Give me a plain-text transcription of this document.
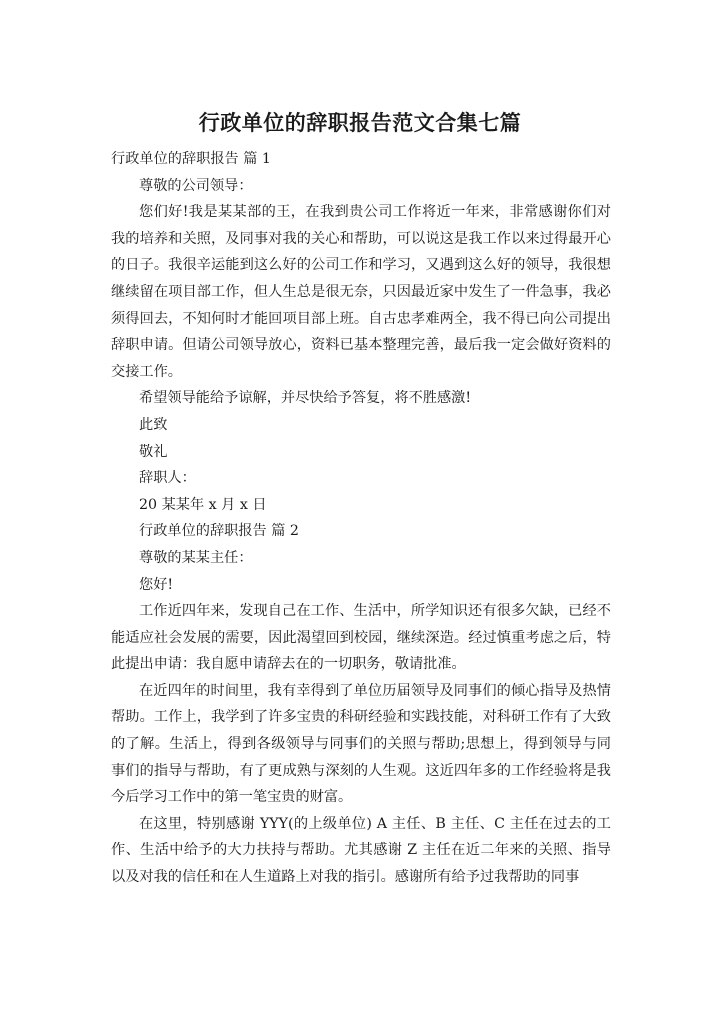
行政单位的辞职报告范文合集七篇

行政单位的辞职报告 篇 1

尊敬的公司领导：

您们好!我是某某部的王，在我到贵公司工作将近一年来，非常感谢你们对我的培养和关照，及同事对我的关心和帮助，可以说这是我工作以来过得最开心的日子。我很辛运能到这么好的公司工作和学习，又遇到这么好的领导，我很想继续留在项目部工作，但人生总是很无奈，只因最近家中发生了一件急事，我必须得回去，不知何时才能回项目部上班。自古忠孝难两全，我不得已向公司提出辞职申请。但请公司领导放心，资料已基本整理完善，最后我一定会做好资料的交接工作。

希望领导能给予谅解，并尽快给予答复，将不胜感激!

此致

敬礼

辞职人：

20 某某年 x 月 x 日

行政单位的辞职报告 篇 2

尊敬的某某主任：

您好!

工作近四年来，发现自己在工作、生活中，所学知识还有很多欠缺，已经不能适应社会发展的需要，因此渴望回到校园，继续深造。经过慎重考虑之后，特此提出申请：我自愿申请辞去在的一切职务，敬请批准。

在近四年的时间里，我有幸得到了单位历届领导及同事们的倾心指导及热情帮助。工作上，我学到了许多宝贵的科研经验和实践技能，对科研工作有了大致的了解。生活上，得到各级领导与同事们的关照与帮助;思想上，得到领导与同事们的指导与帮助，有了更成熟与深刻的人生观。这近四年多的工作经验将是我今后学习工作中的第一笔宝贵的财富。

在这里，特别感谢 YYY(的上级单位) A 主任、B 主任、C 主任在过去的工作、生活中给予的大力扶持与帮助。尤其感谢 Z 主任在近二年来的关照、指导以及对我的信任和在人生道路上对我的指引。感谢所有给予过我帮助的同事
